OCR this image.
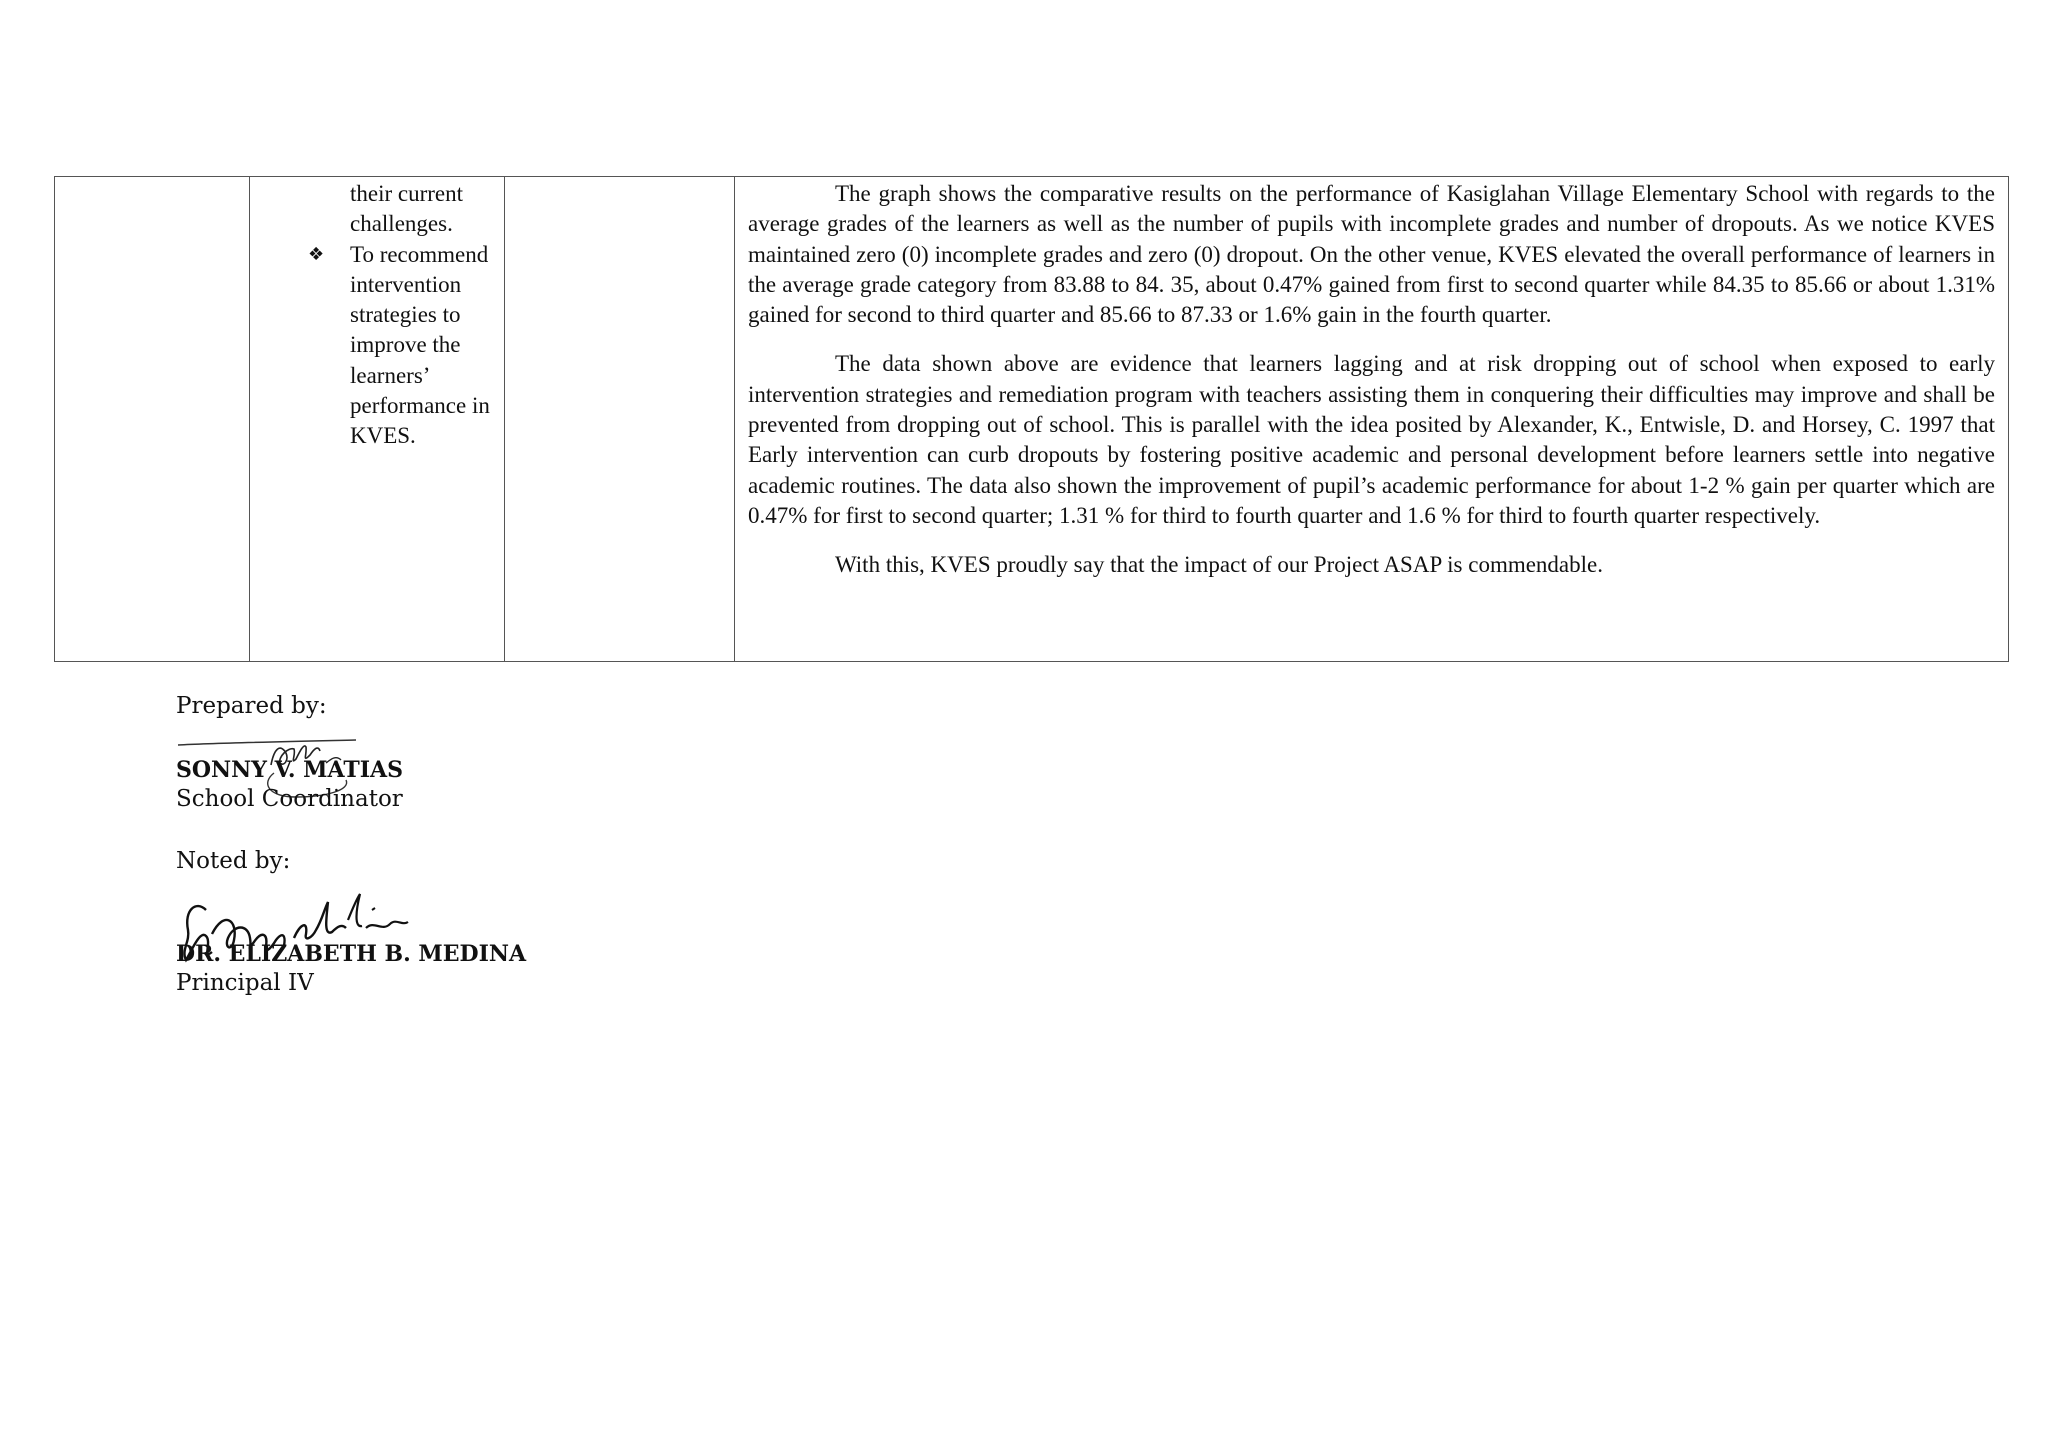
their current challenges.
❖	To recommend intervention strategies to improve the learners’ performance in KVES.

The graph shows the comparative results on the performance of Kasiglahan Village Elementary School with regards to the average grades of the learners as well as the number of pupils with incomplete grades and number of dropouts. As we notice KVES maintained zero (0) incomplete grades and zero (0) dropout. On the other venue, KVES elevated the overall performance of learners in the average grade category from 83.88 to 84. 35, about 0.47% gained from first to second quarter while 84.35 to 85.66 or about 1.31% gained for second to third quarter and 85.66 to 87.33 or 1.6% gain in the fourth quarter.

The data shown above are evidence that learners lagging and at risk dropping out of school when exposed to early intervention strategies and remediation program with teachers assisting them in conquering their difficulties may improve and shall be prevented from dropping out of school. This is parallel with the idea posited by Alexander, K., Entwisle, D. and Horsey, C. 1997 that Early intervention can curb dropouts by fostering positive academic and personal development before learners settle into negative academic routines. The data also shown the improvement of pupil’s academic performance for about 1-2 % gain per quarter which are 0.47% for first to second quarter; 1.31 % for third to fourth quarter and 1.6 % for third to fourth quarter respectively.

With this, KVES proudly say that the impact of our Project ASAP is commendable.

Prepared by:
SONNY V. MATIAS
School Coordinator
Noted by:
DR. ELIZABETH B. MEDINA
Principal IV
